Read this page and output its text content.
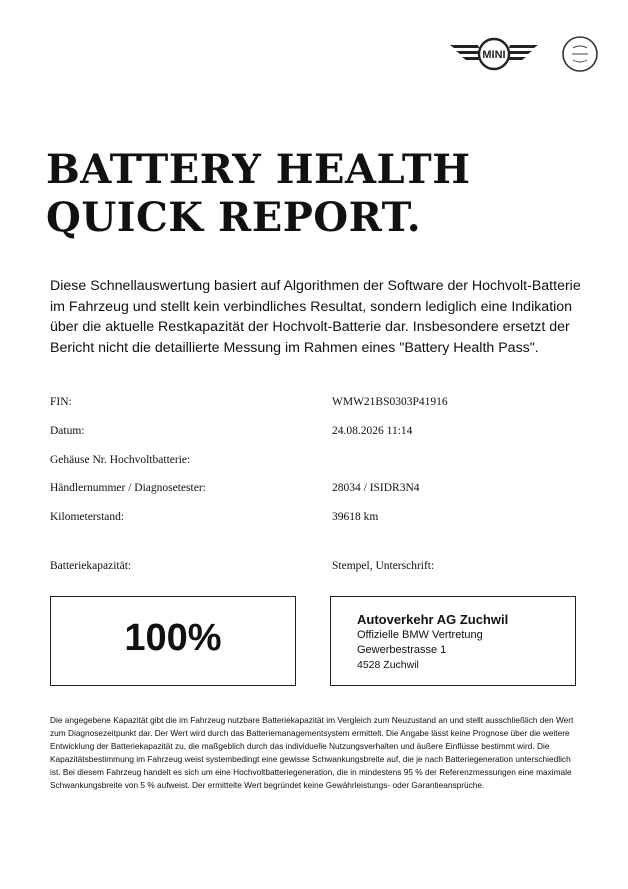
MINI
BATTERY HEALTH
QUICK REPORT.

Diese Schnellauswertung basiert auf Algorithmen der Software der Hochvolt-Batterie im Fahrzeug und stellt kein verbindliches Resultat, sondern lediglich eine Indikation über die aktuelle Restkapazität der Hochvolt-Batterie dar. Insbesondere ersetzt der Bericht nicht die detaillierte Messung im Rahmen eines "Battery Health Pass".

FIN:	WMW21BS0303P41916
Datum:	24.08.2026 11:14
Gehäuse Nr. Hochvoltbatterie:
Händlernummer / Diagnosetester:	28034 / ISIDR3N4
Kilometerstand:	39618 km
Batteriekapazität:	Stempel, Unterschrift:
100%	Autoverkehr AG Zuchwil
Offizielle BMW Vertretung
Gewerbestrasse 1
4528 Zuchwil

Die angegebene Kapazität gibt die im Fahrzeug nutzbare Batteriekapazität im Vergleich zum Neuzustand an und stellt ausschließlich den Wert zum Diagnosezeitpunkt dar. Der Wert wird durch das Batteriemanagementsystem ermittelt. Die Angabe lässt keine Prognose über die weitere Entwicklung der Batteriekapazität zu, die maßgeblich durch das individuelle Nutzungsverhalten und äußere Einflüsse bestimmt wird. Die Kapazitätsbestimmung im Fahrzeug weist systembedingt eine gewisse Schwankungsbreite auf, die je nach Batteriegeneration unterschiedlich ist. Bei diesem Fahrzeug handelt es sich um eine Hochvoltbatteriegeneration, die in mindestens 95 % der Referenzmessungen eine maximale Schwankungsbreite von 5 % aufweist. Der ermittelte Wert begründet keine Gewährleistungs- oder Garantieansprüche.
